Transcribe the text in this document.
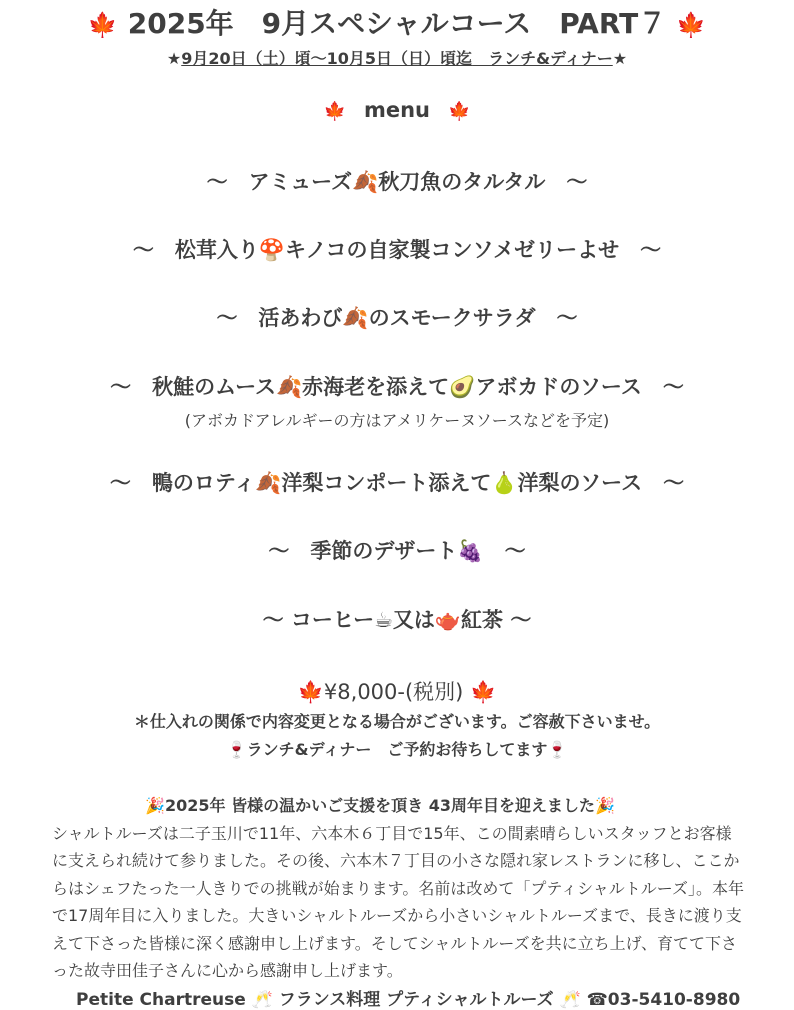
🍁 2025年　9月スペシャルコース　PART７ 🍁
★9月20日（土）頃〜10月5日（日）頃迄　ランチ&ディナー★
🍁 menu 🍁
〜　アミューズ🍂秋刀魚のタルタル　〜
〜　松茸入り🍄キノコの自家製コンソメゼリーよせ　〜
〜　活あわび🍂のスモークサラダ　〜
〜　秋鮭のムース🍂赤海老を添えて🥑アボカドのソース　〜
(アボカドアレルギーの方はアメリケーヌソースなどを予定)
〜　鴨のロティ🍂洋梨コンポート添えて🍐洋梨のソース　〜
〜　季節のデザート🍇　〜
～ コーヒー☕又は🫖紅茶 ～
🍁¥8,000-(税別) 🍁
＊仕入れの関係で内容変更となる場合がございます。ご容赦下さいませ。
🍷ランチ&ディナー　ご予約お待ちしてます🍷
🎉2025年 皆様の温かいご支援を頂き 43周年目を迎えました🎉
シャルトルーズは二子玉川で11年、六本木６丁目で15年、この間素晴らしいスタッフとお客様に支えられ続けて参りました。その後、六本木７丁目の小さな隠れ家レストランに移し、ここからはシェフたった一人きりでの挑戦が始まります。名前は改めて「プティシャルトルーズ」。本年で17周年目に入りました。大きいシャルトルーズから小さいシャルトルーズまで、長きに渡り支えて下さった皆様に深く感謝申し上げます。そしてシャルトルーズを共に立ち上げ、育てて下さった故寺田佳子さんに心から感謝申し上げます。
Petite Chartreuse 🥂 フランス料理 プティシャルトルーズ 🥂 ☎03-5410-8980
